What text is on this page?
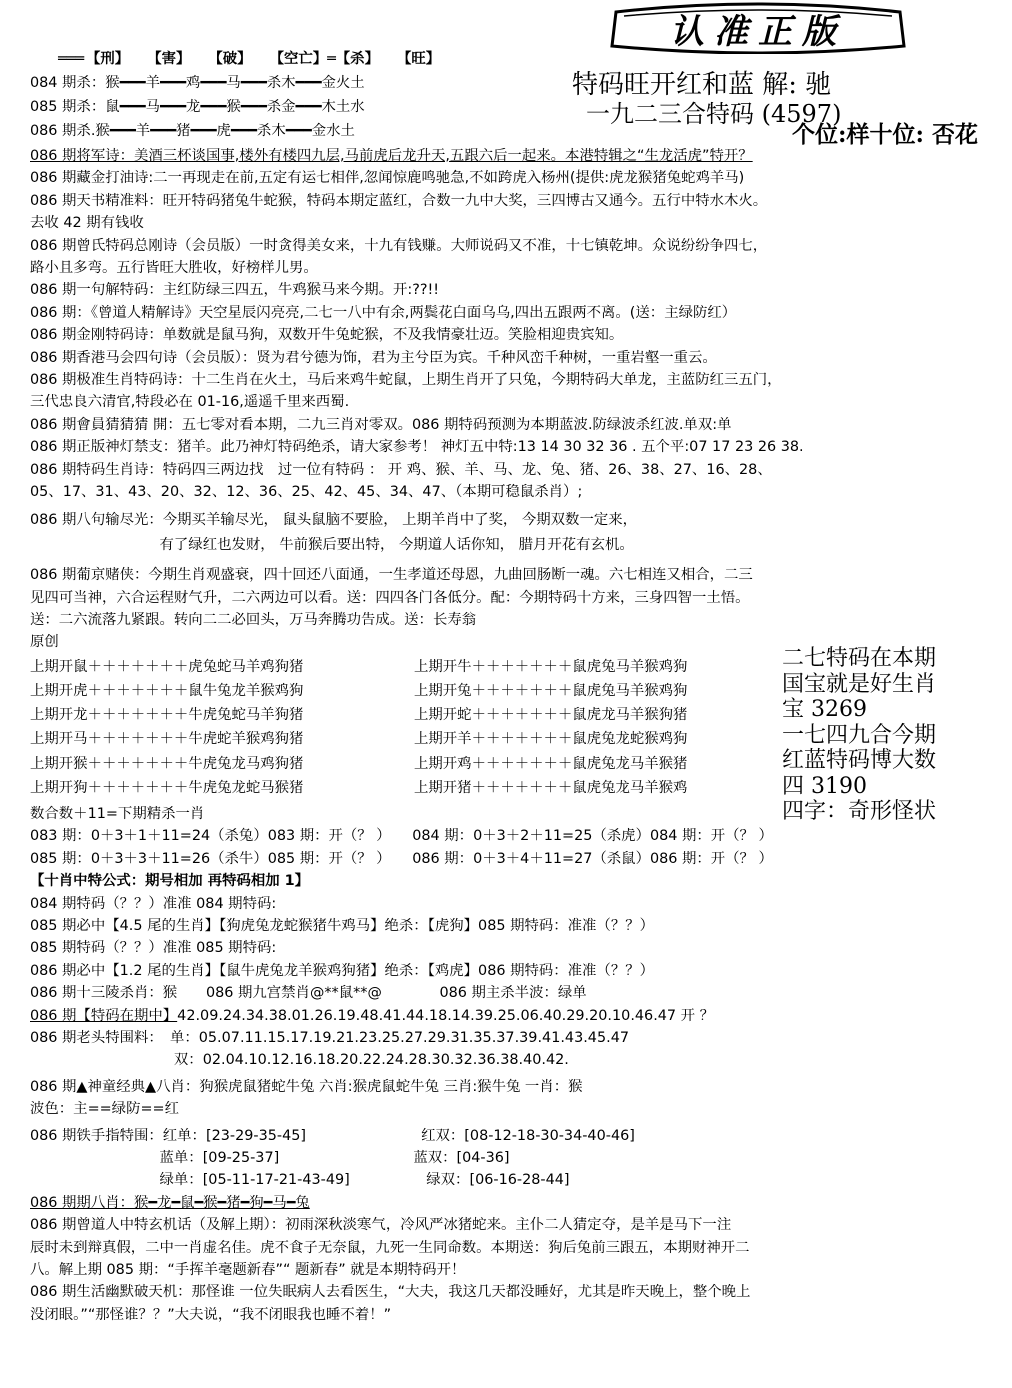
认准正版
═══ 【刑】 【害】 【破】 【空亡】═【杀】 【旺】
084 期杀：猴━━━羊━━━鸡━━━马━━━杀木━━━金火土
085 期杀：鼠━━━马━━━龙━━━猴━━━杀金━━━木土水
086 期杀.猴━━━羊━━━猪━━━虎━━━杀木━━━金水土
特码旺开红和蓝 解: 驰
一九二三合特码 (4597)
个位:样十位: 否花
086 期将军诗：美酒三杯谈国事,楼外有楼四九层,马前虎后龙升天,五跟六后一起来。本港特辑之“生龙活虎”特开？
086 期藏金打油诗:二一再现走在前,五定有运七相伴,忽闻惊鹿鸣驰急,不如跨虎入杨州(提供:虎龙猴猪兔蛇鸡羊马)
086 期天书精准料：旺开特码猪兔牛蛇猴，特码本期定蓝红，合数一九中大奖，三四博古又通今。五行中特水木火。
去收 42 期有钱收
086 期曾氏特码总刚诗（会员版）一时贪得美女来，十九有钱赚。大师说码又不准，十七镇乾坤。众说纷纷争四七，
路小且多弯。五行皆旺大胜收，好榜样儿男。
086 期一句解特码：主红防绿三四五，牛鸡猴马来今期。开:??!!
086 期：《曾道人精解诗》天空星辰闪亮亮,二七一八中有余,两鬓花白面乌乌,四出五跟两不离。(送：主绿防红）
086 期金刚特码诗：单数就是鼠马狗，双数开牛兔蛇猴，不及我情豪壮迈。笑脸相迎贵宾知。
086 期香港马会四句诗（会员版）：贤为君兮德为饰，君为主兮臣为宾。千种风峦千种树，一重岩壑一重云。
086 期极准生肖特码诗：十二生肖在火土，马后来鸡牛蛇鼠，上期生肖开了只兔，今期特码大单龙，主蓝防红三五门，
三代忠良六清官,特段必在 01-16,遥遥千里来西蜀.
086 期會員猜猜猜 開：五七零对看本期，二九三肖对零双。086 期特码预测为本期蓝波.防绿波杀红波.单双:单
086 期正版神灯禁支：猪羊。此乃神灯特码绝杀，请大家参考！ 神灯五中特:13 14 30 32 36 . 五个平:07 17 23 26 38.
086 期特码生肖诗：特码四三两边找　过一位有特码 ： 开 鸡、猴、羊、马、龙、兔、猪、26、38、27、16、28、
05、17、31、43、20、32、12、36、25、42、45、34、47、（本期可稳鼠杀肖）;
086 期八句输尽光：今期买羊输尽光， 鼠头鼠脑不要脸， 上期羊肖中了奖， 今期双数一定来，
　　　　　　　　　有了绿红也发财， 牛前猴后要出特， 今期道人话你知， 腊月开花有玄机。
086 期葡京赌侠：今期生肖观盛衰，四十回还八面通，一生孝道还母恩，九曲回肠断一魂。六七相连又相合，二三
见四可当神，六合运程财气升，二六两边可以看。送：四四各门各低分。配：今期特码十方来，三身四智一土悟。
送：二六流落九紧跟。转向二二必回头，万马奔腾功告成。送：长寿翁
原创
上期开鼠＋＋＋＋＋＋＋虎兔蛇马羊鸡狗猪	上期开牛＋＋＋＋＋＋＋鼠虎兔马羊猴鸡狗
上期开虎＋＋＋＋＋＋＋鼠牛兔龙羊猴鸡狗	上期开兔＋＋＋＋＋＋＋鼠虎兔马羊猴鸡狗
上期开龙＋＋＋＋＋＋＋牛虎兔蛇马羊狗猪	上期开蛇＋＋＋＋＋＋＋鼠虎龙马羊猴狗猪
上期开马＋＋＋＋＋＋＋牛虎蛇羊猴鸡狗猪	上期开羊＋＋＋＋＋＋＋鼠虎兔龙蛇猴鸡狗
上期开猴＋＋＋＋＋＋＋牛虎兔龙马鸡狗猪	上期开鸡＋＋＋＋＋＋＋鼠虎兔龙马羊猴猪
上期开狗＋＋＋＋＋＋＋牛虎兔龙蛇马猴猪	上期开猪＋＋＋＋＋＋＋鼠虎兔龙马羊猴鸡
二七特码在本期
国宝就是好生肖
宝 3269
一七四九合今期
红蓝特码博大数
四 3190
四字：奇形怪状
数合数＋11=下期精杀一肖
083 期：0＋3＋1＋11=24（杀兔）083 期：开（？ ）　　084 期：0＋3＋2＋11=25（杀虎）084 期：开（？ ）
085 期：0＋3＋3＋11=26（杀牛）085 期：开（？ ）　　086 期：0＋3＋4＋11=27（杀鼠）086 期：开（？ ）
【十肖中特公式：期号相加 再特码相加 1】
084 期特码（？？）准准 084 期特码:
085 期必中【4.5 尾的生肖】【狗虎兔龙蛇猴猪牛鸡马】绝杀：【虎狗】085 期特码：准准（？？）
085 期特码（？？）准准 085 期特码:
086 期必中【1.2 尾的生肖】【鼠牛虎兔龙羊猴鸡狗猪】绝杀：【鸡虎】086 期特码：准准（？？）
086 期十三陵杀肖：猴　　086 期九宫禁肖@**鼠**@　　　　086 期主杀半波：绿单
086 期【特码在期中】42.09.24.34.38.01.26.19.48.41.44.18.14.39.25.06.40.29.20.10.46.47 开 ？
086 期老头特围料：　单：05.07.11.15.17.19.21.23.25.27.29.31.35.37.39.41.43.45.47
　　　　　　　　　　双：02.04.10.12.16.18.20.22.24.28.30.32.36.38.40.42.
086 期▲神童经典▲八肖：狗猴虎鼠猪蛇牛兔 六肖:猴虎鼠蛇牛兔 三肖:猴牛兔 一肖：猴
波色：主==绿防==红
086 期铁手指特围：红单：[23-29-35-45]　　　　　　　　红双：[08-12-18-30-34-40-46]
　　　　　　　　　蓝单：[09-25-37]　　　　　　　　　 蓝双：[04-36]
　　　　　　　　　绿单：[05-11-17-21-43-49]　　　　　 绿双：[06-16-28-44]
086 期期八肖：猴━龙━鼠━猴━猪━狗━马━兔
086 期曾道人中特玄机话（及解上期）：初雨深秋淡寒气，冷风严冰猪蛇来。主仆二人猜定夺，是羊是马下一注
辰时未到辩真假，二中一肖虚名佳。虎不食子无奈鼠，九死一生同命数。本期送：狗后兔前三跟五，本期财神开二
八。解上期 085 期：“手挥羊毫题新春”“ 题新春” 就是本期特码开！
086 期生活幽默破天机：那怪谁 一位失眠病人去看医生，“大夫，我这几天都没睡好，尤其是昨天晚上，整个晚上
没闭眼。”“那怪谁？？”大夫说，“我不闭眼我也睡不着！”
